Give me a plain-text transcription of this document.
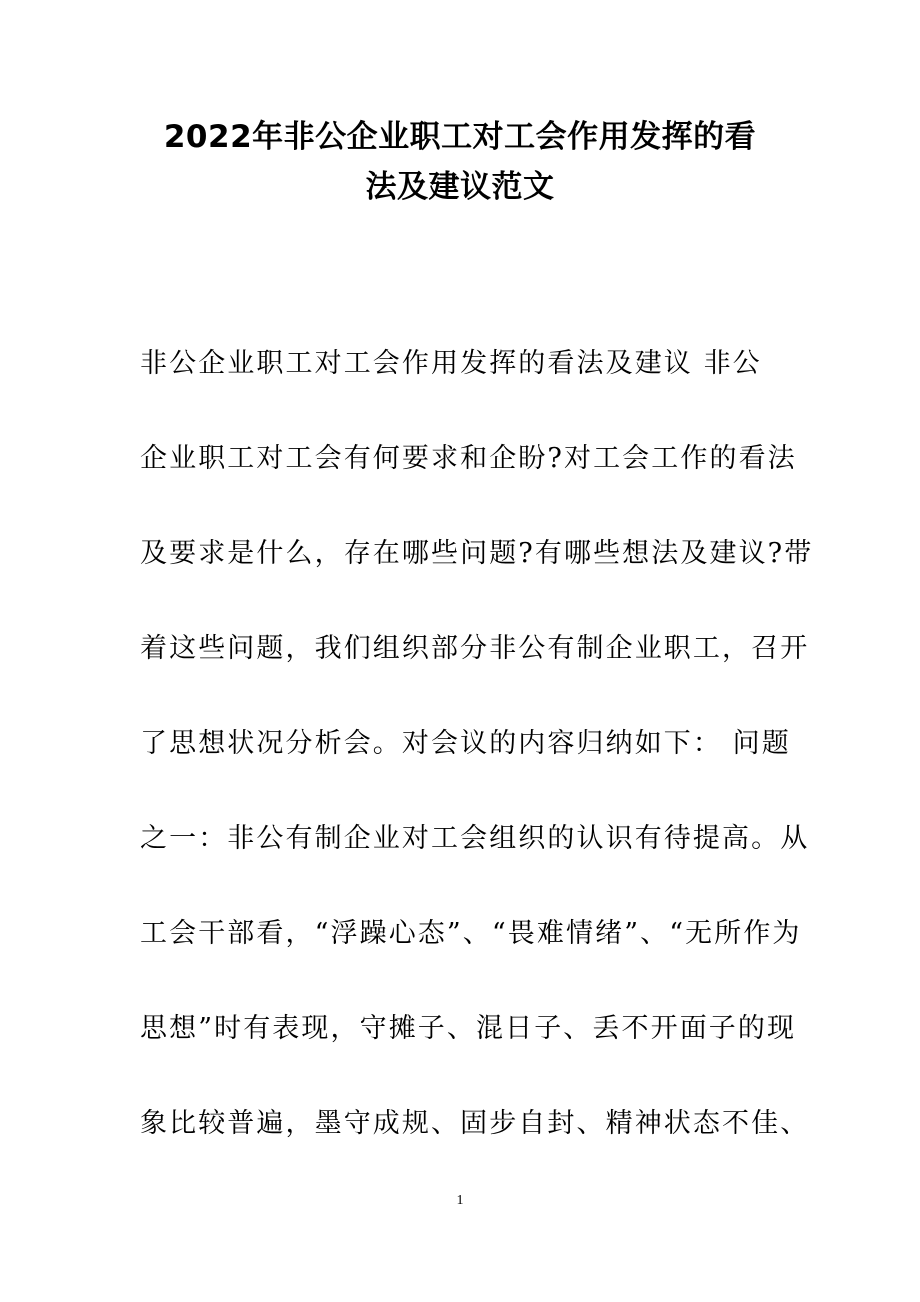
2022年非公企业职工对工会作用发挥的看
法及建议范文
非公企业职工对工会作用发挥的看法及建议 非公
企业职工对工会有何要求和企盼?对工会工作的看法
及要求是什么，存在哪些问题?有哪些想法及建议?带
着这些问题，我们组织部分非公有制企业职工，召开
了思想状况分析会。对会议的内容归纳如下： 问题
之一：非公有制企业对工会组织的认识有待提高。从
工会干部看，“浮躁心态”、“畏难情绪”、“无所作为
思想”时有表现，守摊子、混日子、丢不开面子的现
象比较普遍，墨守成规、固步自封、精神状态不佳、
1
